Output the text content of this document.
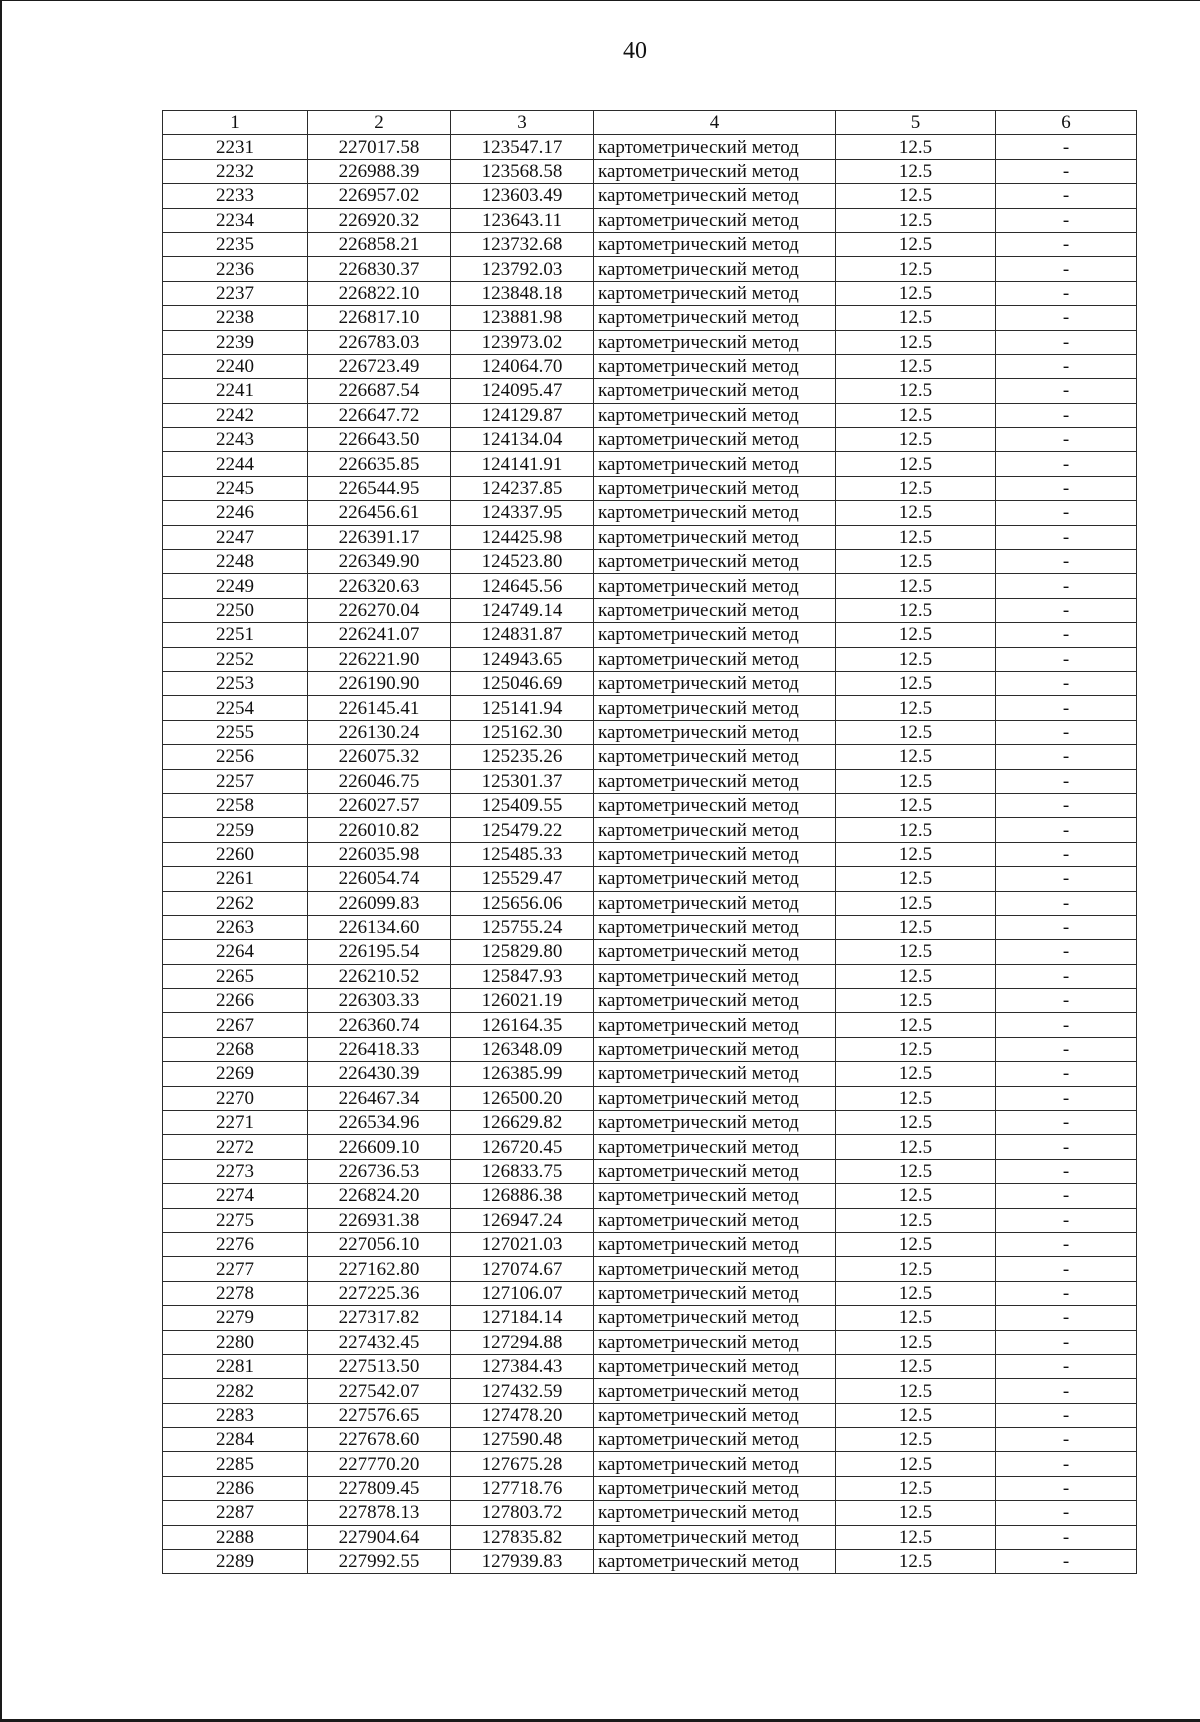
40
1	2	3	4	5	6
2231	227017.58	123547.17	картометрический метод	12.5	-
2232	226988.39	123568.58	картометрический метод	12.5	-
2233	226957.02	123603.49	картометрический метод	12.5	-
2234	226920.32	123643.11	картометрический метод	12.5	-
2235	226858.21	123732.68	картометрический метод	12.5	-
2236	226830.37	123792.03	картометрический метод	12.5	-
2237	226822.10	123848.18	картометрический метод	12.5	-
2238	226817.10	123881.98	картометрический метод	12.5	-
2239	226783.03	123973.02	картометрический метод	12.5	-
2240	226723.49	124064.70	картометрический метод	12.5	-
2241	226687.54	124095.47	картометрический метод	12.5	-
2242	226647.72	124129.87	картометрический метод	12.5	-
2243	226643.50	124134.04	картометрический метод	12.5	-
2244	226635.85	124141.91	картометрический метод	12.5	-
2245	226544.95	124237.85	картометрический метод	12.5	-
2246	226456.61	124337.95	картометрический метод	12.5	-
2247	226391.17	124425.98	картометрический метод	12.5	-
2248	226349.90	124523.80	картометрический метод	12.5	-
2249	226320.63	124645.56	картометрический метод	12.5	-
2250	226270.04	124749.14	картометрический метод	12.5	-
2251	226241.07	124831.87	картометрический метод	12.5	-
2252	226221.90	124943.65	картометрический метод	12.5	-
2253	226190.90	125046.69	картометрический метод	12.5	-
2254	226145.41	125141.94	картометрический метод	12.5	-
2255	226130.24	125162.30	картометрический метод	12.5	-
2256	226075.32	125235.26	картометрический метод	12.5	-
2257	226046.75	125301.37	картометрический метод	12.5	-
2258	226027.57	125409.55	картометрический метод	12.5	-
2259	226010.82	125479.22	картометрический метод	12.5	-
2260	226035.98	125485.33	картометрический метод	12.5	-
2261	226054.74	125529.47	картометрический метод	12.5	-
2262	226099.83	125656.06	картометрический метод	12.5	-
2263	226134.60	125755.24	картометрический метод	12.5	-
2264	226195.54	125829.80	картометрический метод	12.5	-
2265	226210.52	125847.93	картометрический метод	12.5	-
2266	226303.33	126021.19	картометрический метод	12.5	-
2267	226360.74	126164.35	картометрический метод	12.5	-
2268	226418.33	126348.09	картометрический метод	12.5	-
2269	226430.39	126385.99	картометрический метод	12.5	-
2270	226467.34	126500.20	картометрический метод	12.5	-
2271	226534.96	126629.82	картометрический метод	12.5	-
2272	226609.10	126720.45	картометрический метод	12.5	-
2273	226736.53	126833.75	картометрический метод	12.5	-
2274	226824.20	126886.38	картометрический метод	12.5	-
2275	226931.38	126947.24	картометрический метод	12.5	-
2276	227056.10	127021.03	картометрический метод	12.5	-
2277	227162.80	127074.67	картометрический метод	12.5	-
2278	227225.36	127106.07	картометрический метод	12.5	-
2279	227317.82	127184.14	картометрический метод	12.5	-
2280	227432.45	127294.88	картометрический метод	12.5	-
2281	227513.50	127384.43	картометрический метод	12.5	-
2282	227542.07	127432.59	картометрический метод	12.5	-
2283	227576.65	127478.20	картометрический метод	12.5	-
2284	227678.60	127590.48	картометрический метод	12.5	-
2285	227770.20	127675.28	картометрический метод	12.5	-
2286	227809.45	127718.76	картометрический метод	12.5	-
2287	227878.13	127803.72	картометрический метод	12.5	-
2288	227904.64	127835.82	картометрический метод	12.5	-
2289	227992.55	127939.83	картометрический метод	12.5	-
